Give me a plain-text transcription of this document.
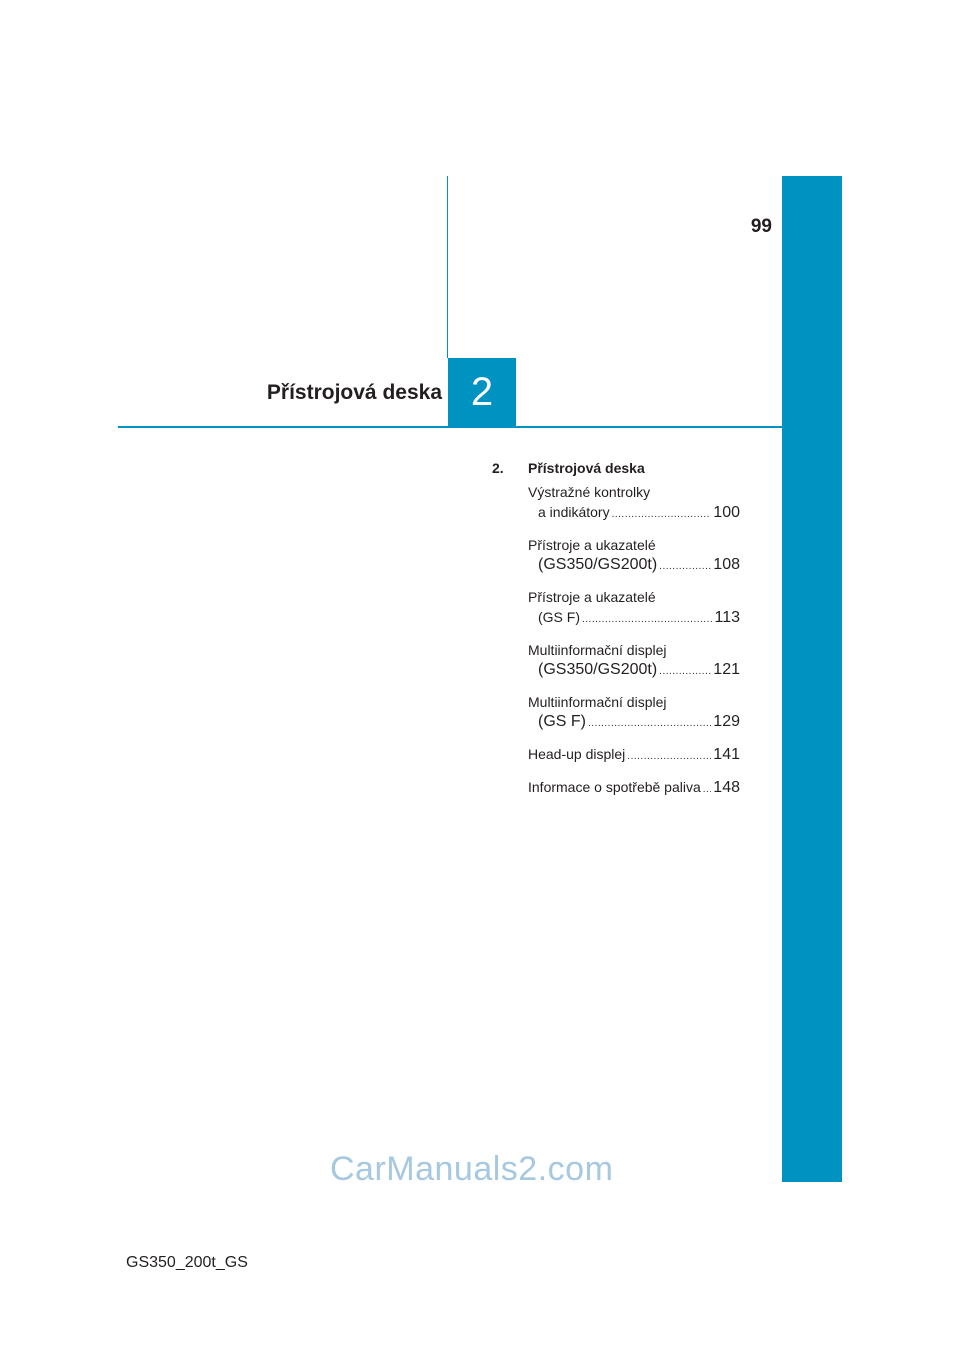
99
Přístrojová deska 2
2.	Přístrojová deska
Výstražné kontrolky
a indikátory .....	100
Přístroje a ukazatelé
(GS350/GS200t) .....	108
Přístroje a ukazatelé
(GS F) .....	113
Multiinformační displej
(GS350/GS200t) .....	121
Multiinformační displej
(GS F) .....	129
Head-up displej .....	141
Informace o spotřebě paliva ..... 148
CarManuals2.com
GS350_200t_GS
